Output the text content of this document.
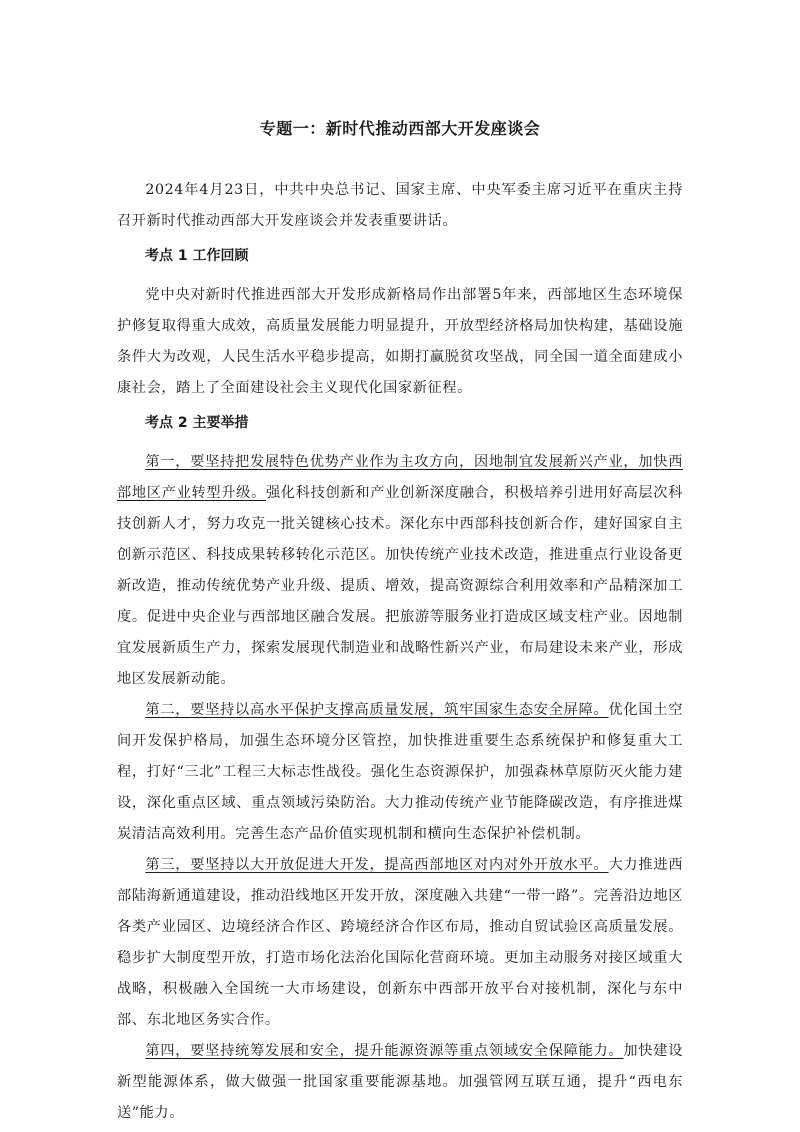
专题一：新时代推动西部大开发座谈会

2024年4月23日，中共中央总书记、国家主席、中央军委主席习近平在重庆主持召开新时代推动西部大开发座谈会并发表重要讲话。

考点 1 工作回顾

党中央对新时代推进西部大开发形成新格局作出部署5年来，西部地区生态环境保护修复取得重大成效，高质量发展能力明显提升，开放型经济格局加快构建，基础设施条件大为改观，人民生活水平稳步提高，如期打赢脱贫攻坚战，同全国一道全面建成小康社会，踏上了全面建设社会主义现代化国家新征程。

考点 2 主要举措

第一，要坚持把发展特色优势产业作为主攻方向，因地制宜发展新兴产业，加快西部地区产业转型升级。强化科技创新和产业创新深度融合，积极培养引进用好高层次科技创新人才，努力攻克一批关键核心技术。深化东中西部科技创新合作，建好国家自主创新示范区、科技成果转移转化示范区。加快传统产业技术改造，推进重点行业设备更新改造，推动传统优势产业升级、提质、增效，提高资源综合利用效率和产品精深加工度。促进中央企业与西部地区融合发展。把旅游等服务业打造成区域支柱产业。因地制宜发展新质生产力，探索发展现代制造业和战略性新兴产业，布局建设未来产业，形成地区发展新动能。

第二，要坚持以高水平保护支撑高质量发展，筑牢国家生态安全屏障。优化国土空间开发保护格局，加强生态环境分区管控，加快推进重要生态系统保护和修复重大工程，打好“三北”工程三大标志性战役。强化生态资源保护，加强森林草原防灭火能力建设，深化重点区域、重点领域污染防治。大力推动传统产业节能降碳改造，有序推进煤炭清洁高效利用。完善生态产品价值实现机制和横向生态保护补偿机制。

第三，要坚持以大开放促进大开发，提高西部地区对内对外开放水平。大力推进西部陆海新通道建设，推动沿线地区开发开放，深度融入共建“一带一路”。完善沿边地区各类产业园区、边境经济合作区、跨境经济合作区布局，推动自贸试验区高质量发展。稳步扩大制度型开放，打造市场化法治化国际化营商环境。更加主动服务对接区域重大战略，积极融入全国统一大市场建设，创新东中西部开放平台对接机制，深化与东中部、东北地区务实合作。

第四，要坚持统筹发展和安全，提升能源资源等重点领域安全保障能力。加快建设新型能源体系，做大做强一批国家重要能源基地。加强管网互联互通，提升“西电东送”能力。
